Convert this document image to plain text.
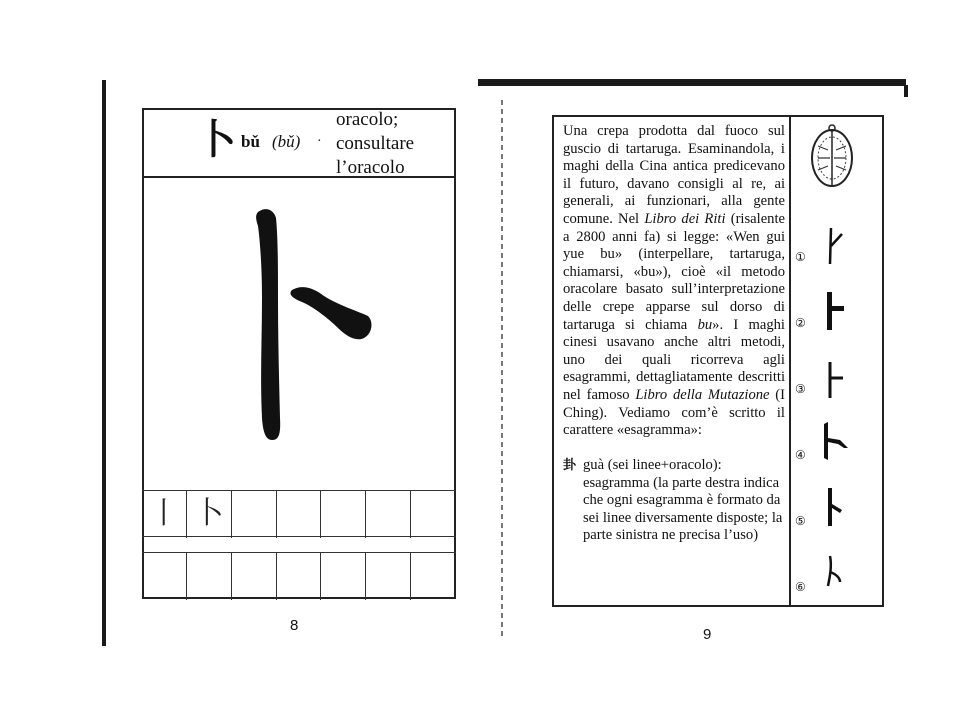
卜 bǔ (bǔ) ·
oracolo;
consultare
l’oracolo
丨 卜
8
Una crepa prodotta dal fuoco sul guscio di tartaruga. Esaminandola, i maghi della Cina antica predicevano il futuro, davano consigli al re, ai generali, ai funzionari, alla gente comune. Nel Libro dei Riti (risalente a 2800 anni fa) si legge: «Wen gui yue bu» (interpellare, tartaruga, chiamarsi, «bu»), cioè «il metodo oracolare basato sull’interpretazione delle crepe apparse sul dorso di tartaruga si chiama bu». I maghi cinesi usavano anche altri metodi, uno dei quali ricorreva agli esagrammi, dettagliatamente descritti nel famoso Libro della Mutazione (I Ching). Vediamo com’è scritto il carattere «esagramma»:
卦 guà (sei linee+oracolo): esagramma (la parte destra indica che ogni esagramma è formato da sei linee diversamente disposte; la parte sinistra ne precisa l’uso)
①
②
③
④
⑤
⑥
9
